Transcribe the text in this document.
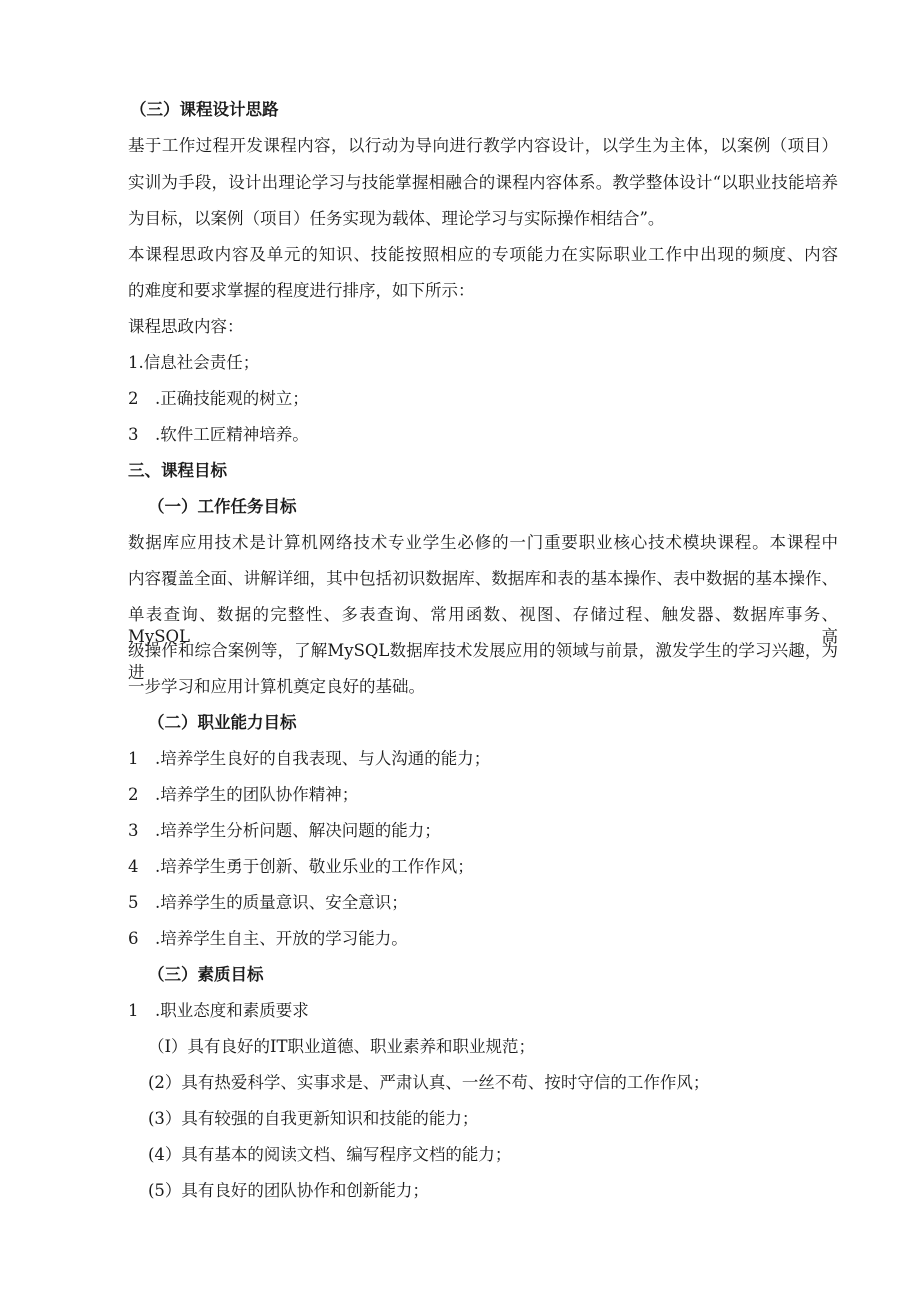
（三）课程设计思路
基于工作过程开发课程内容，以行动为导向进行教学内容设计，以学生为主体，以案例（项目）
实训为手段，设计出理论学习与技能掌握相融合的课程内容体系。教学整体设计“以职业技能培养
为目标，以案例（项目）任务实现为载体、理论学习与实际操作相结合”。
本课程思政内容及单元的知识、技能按照相应的专项能力在实际职业工作中出现的频度、内容
的难度和要求掌握的程度进行排序，如下所示：
课程思政内容：
1.信息社会责任；
2　.正确技能观的树立；
3　.软件工匠精神培养。
三、课程目标
（一）工作任务目标
数据库应用技术是计算机网络技术专业学生必修的一门重要职业核心技术模块课程。本课程中
内容覆盖全面、讲解详细，其中包括初识数据库、数据库和表的基本操作、表中数据的基本操作、
单表查询、数据的完整性、多表查询、常用函数、视图、存储过程、触发器、数据库事务、MySQL高
级操作和综合案例等，了解MySQL数据库技术发展应用的领域与前景，激发学生的学习兴趣，为进
一步学习和应用计算机奠定良好的基础。
（二）职业能力目标
1　.培养学生良好的自我表现、与人沟通的能力；
2　.培养学生的团队协作精神；
3　.培养学生分析问题、解决问题的能力；
4　.培养学生勇于创新、敬业乐业的工作作风；
5　.培养学生的质量意识、安全意识；
6　.培养学生自主、开放的学习能力。
（三）素质目标
1　.职业态度和素质要求
（I）具有良好的IT职业道德、职业素养和职业规范；
(2）具有热爱科学、实事求是、严肃认真、一丝不苟、按时守信的工作作风；
(3）具有较强的自我更新知识和技能的能力；
(4）具有基本的阅读文档、编写程序文档的能力；
(5）具有良好的团队协作和创新能力；
